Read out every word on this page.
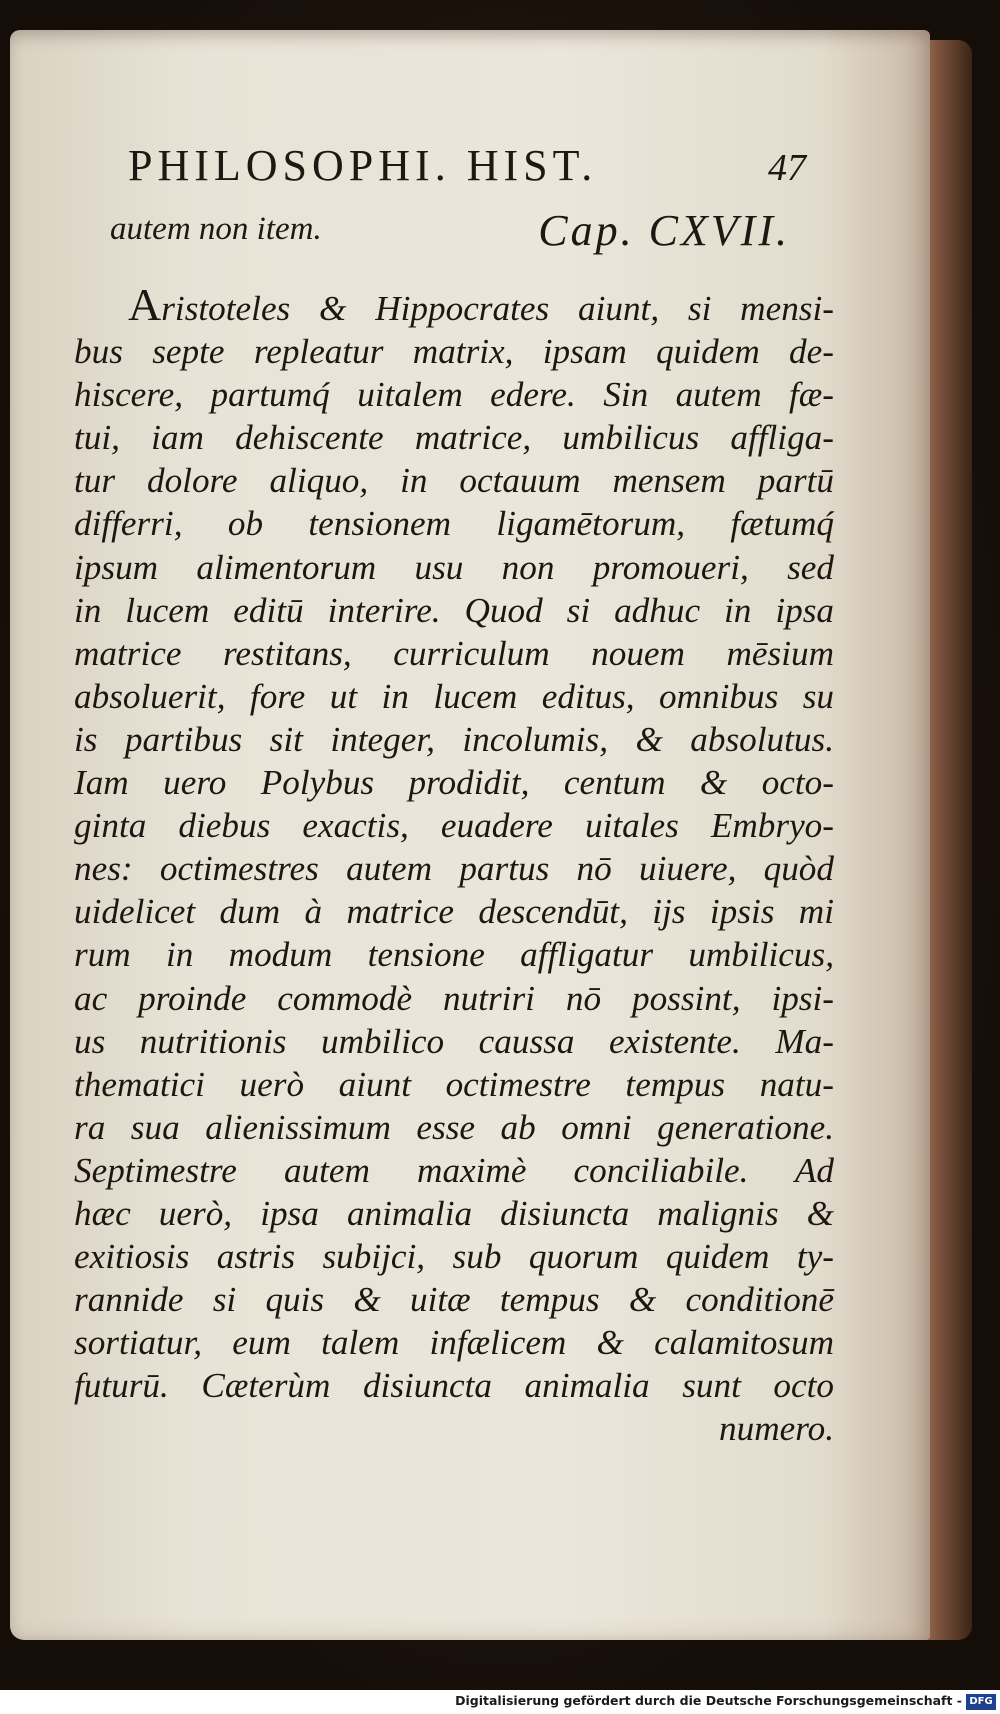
PHILOSOPHI. HIST.	47
autem non item.	Cap. CXVII.
Aristoteles & Hippocrates aiunt, si mensi-
bus septe repleatur matrix, ipsam quidem de-
hiscere, partumq́ uitalem edere. Sin autem fæ-
tui, iam dehiscente matrice, umbilicus affliga-
tur dolore aliquo, in octauum mensem partū
differri, ob tensionem ligamētorum, fætumq́
ipsum alimentorum usu non promoueri, sed
in lucem editū interire. Quod si adhuc in ipsa
matrice restitans, curriculum nouem mēsium
absoluerit, fore ut in lucem editus, omnibus su
is partibus sit integer, incolumis, & absolutus.
Iam uero Polybus prodidit, centum & octo-
ginta diebus exactis, euadere uitales Embryo-
nes: octimestres autem partus nō uiuere, quòd
uidelicet dum à matrice descendūt, ijs ipsis mi
rum in modum tensione affligatur umbilicus,
ac proinde commodè nutriri nō possint, ipsi-
us nutritionis umbilico caussa existente. Ma-
thematici uerò aiunt octimestre tempus natu-
ra sua alienissimum esse ab omni generatione.
Septimestre autem maximè conciliabile. Ad
hæc uerò, ipsa animalia disiuncta malignis &
exitiosis astris subijci, sub quorum quidem ty-
rannide si quis & uitæ tempus & conditionē
sortiatur, eum talem infælicem & calamitosum
futurū. Cæterùm disiuncta animalia sunt octo
numero.
Digitalisierung gefördert durch die Deutsche Forschungsgemeinschaft - DFG
